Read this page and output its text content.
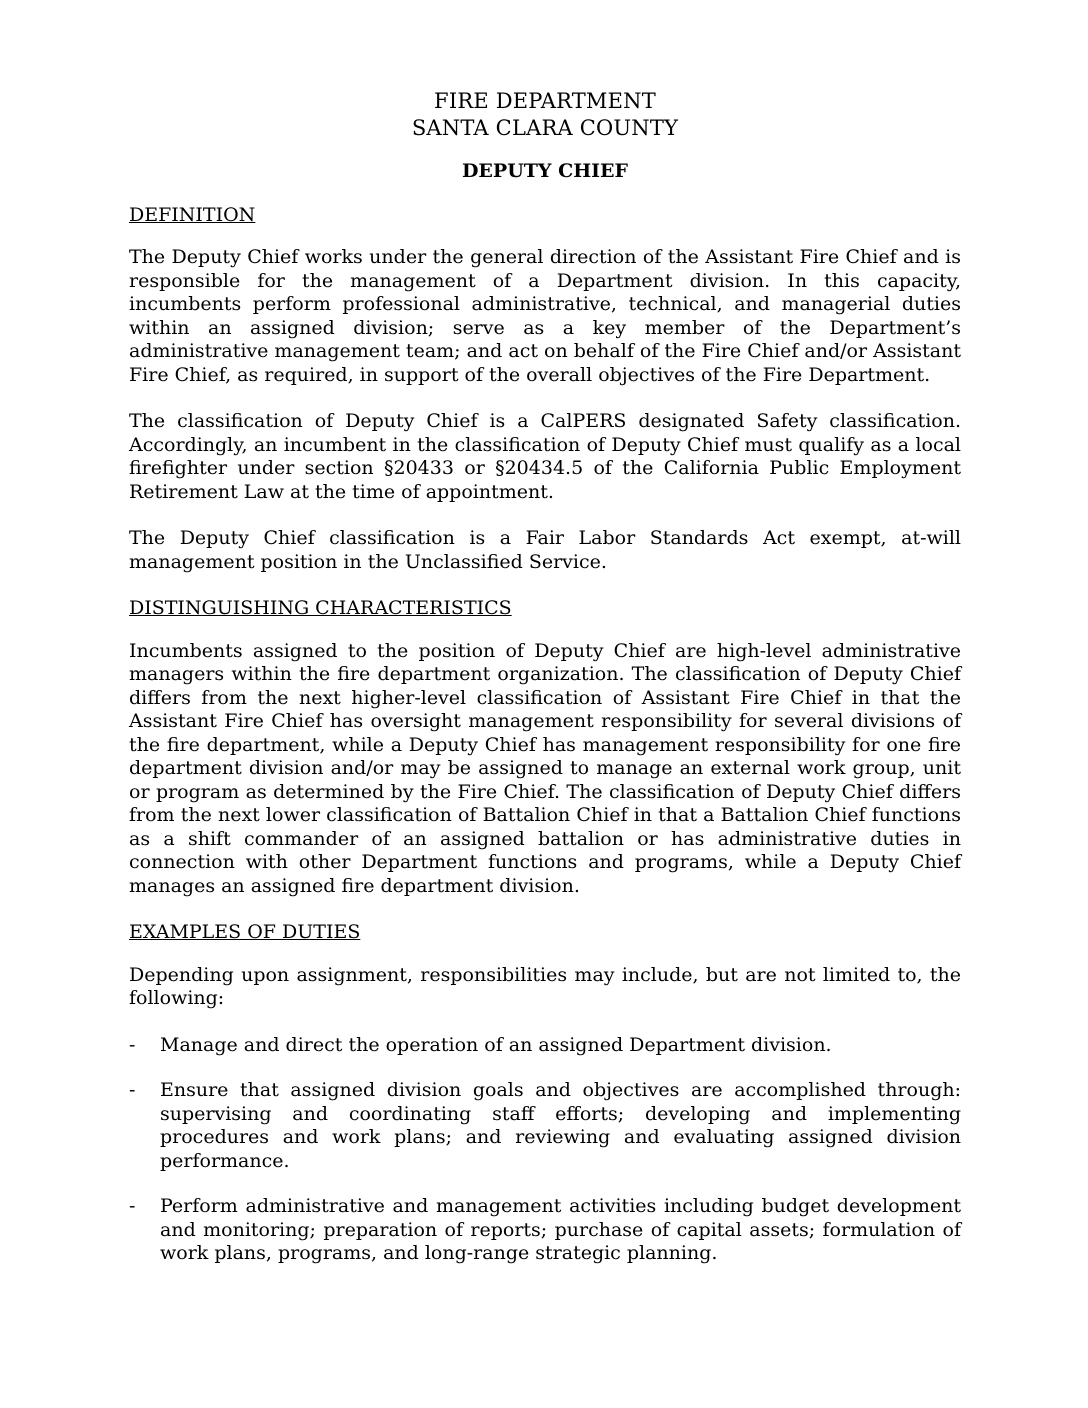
FIRE DEPARTMENT
SANTA CLARA COUNTY
DEPUTY CHIEF
DEFINITION

The Deputy Chief works under the general direction of the Assistant Fire Chief and is responsible for the management of a Department division. In this capacity, incumbents perform professional administrative, technical, and managerial duties within an assigned division; serve as a key member of the Department’s administrative management team; and act on behalf of the Fire Chief and/or Assistant Fire Chief, as required, in support of the overall objectives of the Fire Department.

The classification of Deputy Chief is a CalPERS designated Safety classification. Accordingly, an incumbent in the classification of Deputy Chief must qualify as a local firefighter under section §20433 or §20434.5 of the California Public Employment Retirement Law at the time of appointment.

The Deputy Chief classification is a Fair Labor Standards Act exempt, at-will management position in the Unclassified Service.

DISTINGUISHING CHARACTERISTICS

Incumbents assigned to the position of Deputy Chief are high-level administrative managers within the fire department organization. The classification of Deputy Chief differs from the next higher-level classification of Assistant Fire Chief in that the Assistant Fire Chief has oversight management responsibility for several divisions of the fire department, while a Deputy Chief has management responsibility for one fire department division and/or may be assigned to manage an external work group, unit or program as determined by the Fire Chief. The classification of Deputy Chief differs from the next lower classification of Battalion Chief in that a Battalion Chief functions as a shift commander of an assigned battalion or has administrative duties in connection with other Department functions and programs, while a Deputy Chief manages an assigned fire department division.

EXAMPLES OF DUTIES

Depending upon assignment, responsibilities may include, but are not limited to, the following:

-	Manage and direct the operation of an assigned Department division.
-	Ensure that assigned division goals and objectives are accomplished through: supervising and coordinating staff efforts; developing and implementing procedures and work plans; and reviewing and evaluating assigned division performance.
-	Perform administrative and management activities including budget development and monitoring; preparation of reports; purchase of capital assets; formulation of work plans, programs, and long-range strategic planning.
